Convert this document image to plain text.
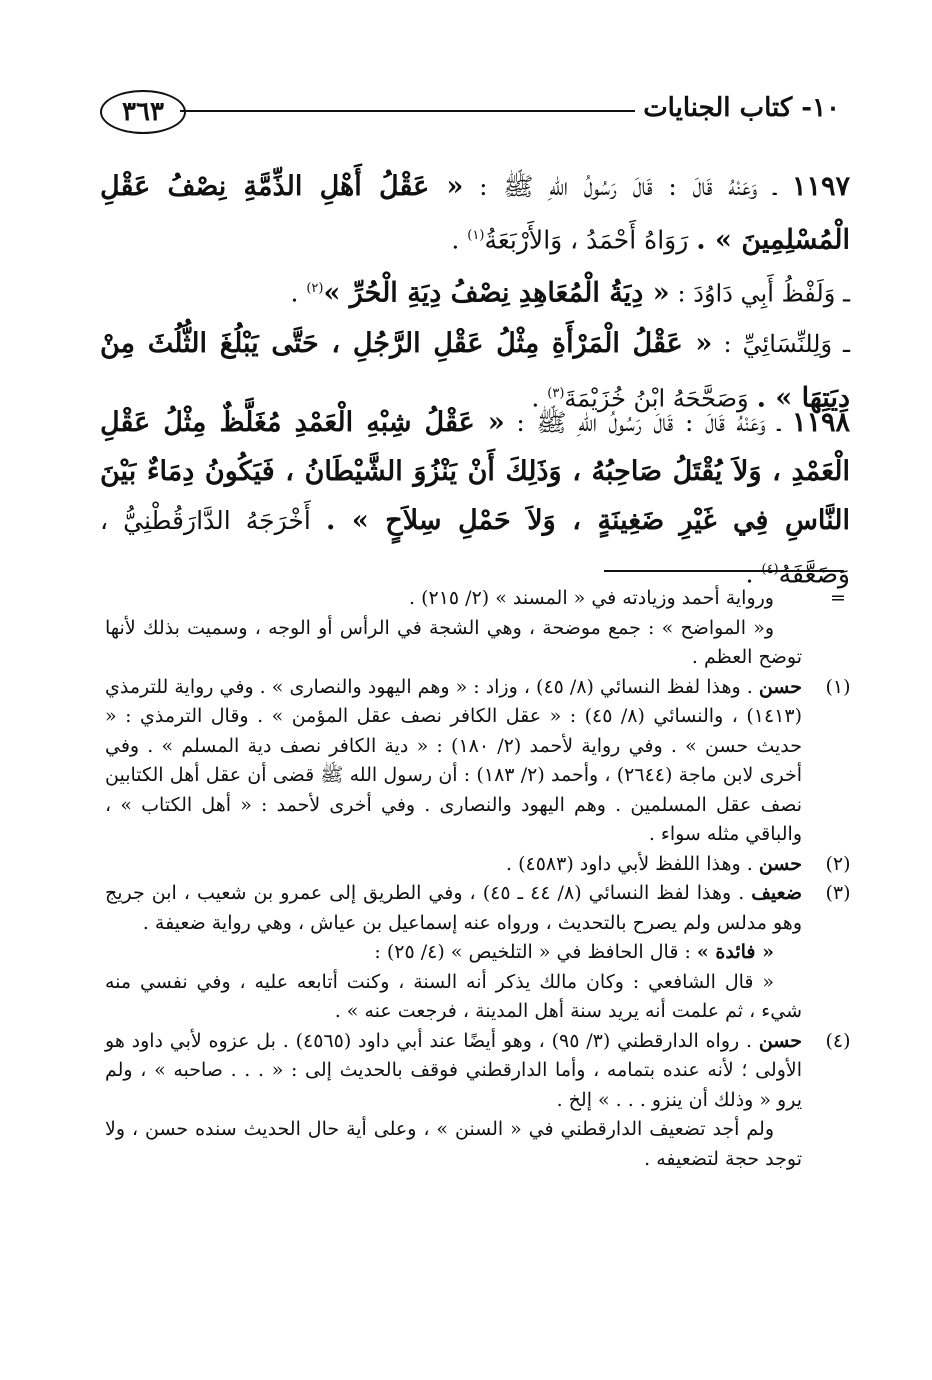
٣٦٣	١٠- كتاب الجنايات
١١٩٧ ـ وَعَنْهُ قَالَ : قَالَ رَسُولُ اللهِ ﷺ : « عَقْلُ أَهْلِ الذِّمَّةِ نِصْفُ عَقْلِ الْمُسْلِمِينَ » . رَوَاهُ أَحْمَدُ ، وَالأَرْبَعَةُ$^{(١)}$ .
ـ وَلَفْظُ أَبِي دَاوُدَ : « دِيَةُ الْمُعَاهِدِ نِصْفُ دِيَةِ الْحُرِّ »$^{(٢)}$ .
ـ وَلِلنِّسَائِيِّ : « عَقْلُ الْمَرْأَةِ مِثْلُ عَقْلِ الرَّجُلِ ، حَتَّى يَبْلُغَ الثُّلُثَ مِنْ دِيَتِهَا » . وَصَحَّحَهُ ابْنُ خُزَيْمَةَ$^{(٣)}$ .
١١٩٨ ـ وَعَنْهُ قَالَ : قَالَ رَسُولُ اللهِ ﷺ : « عَقْلُ شِبْهِ الْعَمْدِ مُغَلَّظٌ مِثْلُ عَقْلِ الْعَمْدِ ، وَلاَ يُقْتَلُ صَاحِبُهُ ، وَذَلِكَ أَنْ يَنْزُوَ الشَّيْطَانُ ، فَيَكُونُ دِمَاءٌ بَيْنَ النَّاسِ فِي غَيْرِ ضَغِينَةٍ ، وَلاَ حَمْلِ سِلاَحٍ » . أَخْرَجَهُ الدَّارَقُطْنِيُّ ، وَضَعَّفَهُ$^{(٤)}$ .
=
ورواية أحمد وزيادته في « المسند » (٢/ ٢١٥) .
و« المواضح » : جمع موضحة ، وهي الشجة في الرأس أو الوجه ، وسميت بذلك لأنها توضح العظم .
(١)
حسن . وهذا لفظ النسائي (٨/ ٤٥) ، وزاد : « وهم اليهود والنصارى » . وفي رواية للترمذي (١٤١٣) ، والنسائي (٨/ ٤٥) : « عقل الكافر نصف عقل المؤمن » . وقال الترمذي : « حديث حسن » . وفي رواية لأحمد (٢/ ١٨٠) : « دية الكافر نصف دية المسلم » . وفي أخرى لابن ماجة (٢٦٤٤) ، وأحمد (٢/ ١٨٣) : أن رسول الله ﷺ قضى أن عقل أهل الكتابين نصف عقل المسلمين . وهم اليهود والنصارى . وفي أخرى لأحمد : « أهل الكتاب » ، والباقي مثله سواء .
(٢)
حسن . وهذا اللفظ لأبي داود (٤٥٨٣) .
(٣)
ضعيف . وهذا لفظ النسائي (٨/ ٤٤ ـ ٤٥) ، وفي الطريق إلى عمرو بن شعيب ، ابن جريج وهو مدلس ولم يصرح بالتحديث ، ورواه عنه إسماعيل بن عياش ، وهي رواية ضعيفة .
« فائدة » : قال الحافظ في « التلخيص » (٤/ ٢٥) :
« قال الشافعي : وكان مالك يذكر أنه السنة ، وكنت أتابعه عليه ، وفي نفسي منه شيء ، ثم علمت أنه يريد سنة أهل المدينة ، فرجعت عنه » .
(٤)
حسن . رواه الدارقطني (٣/ ٩٥) ، وهو أيضًا عند أبي داود (٤٥٦٥) . بل عزوه لأبي داود هو الأولى ؛ لأنه عنده بتمامه ، وأما الدارقطني فوقف بالحديث إلى : « . . . صاحبه » ، ولم يرو « وذلك أن ينزو . . . » إلخ .
ولم أجد تضعيف الدارقطني في « السنن » ، وعلى أية حال الحديث سنده حسن ، ولا توجد حجة لتضعيفه .
